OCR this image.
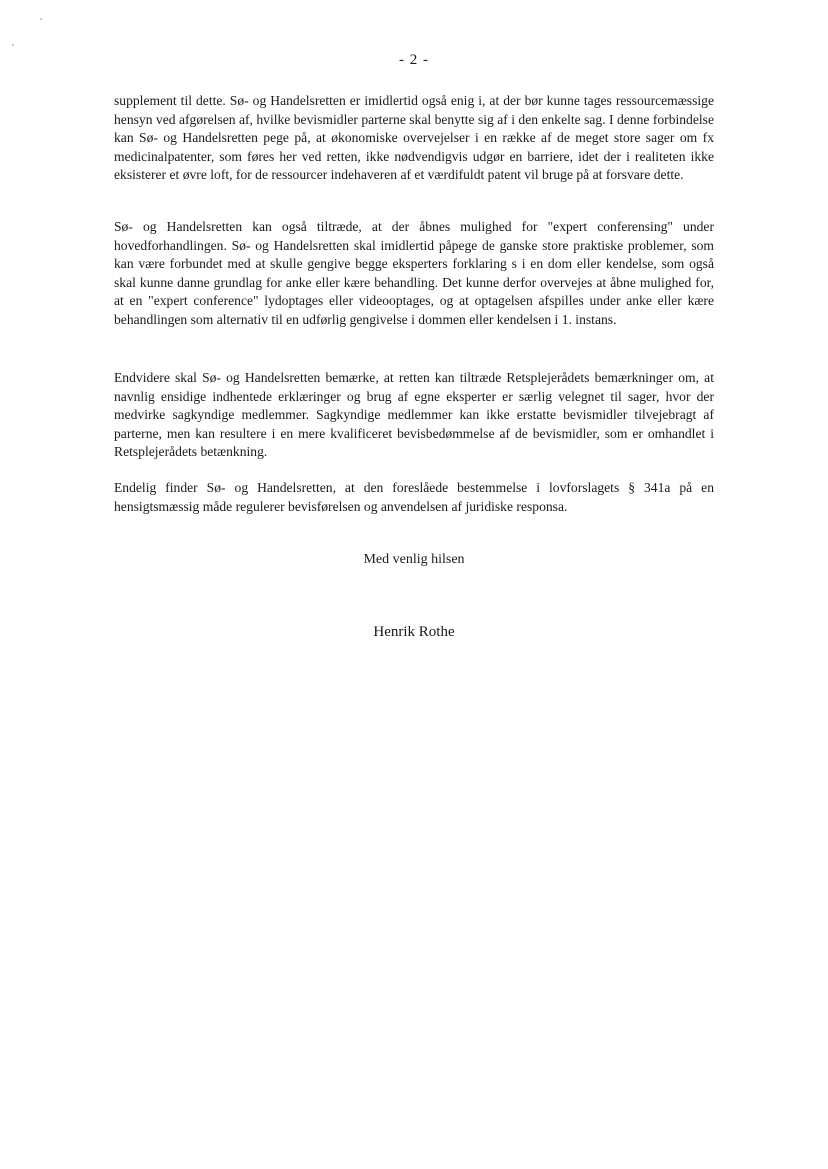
- 2 -

supplement til dette. Sø- og Handelsretten er imidlertid også enig i, at der bør kunne tages ressourcemæssige hensyn ved afgørelsen af, hvilke bevismidler parterne skal benytte sig af i den enkelte sag. I denne forbindelse kan Sø- og Handelsretten pege på, at økonomiske overvejelser i en række af de meget store sager om fx medicinalpatenter, som føres her ved retten, ikke nødvendigvis udgør en barriere, idet der i realiteten ikke eksisterer et øvre loft, for de ressourcer indehaveren af et værdifuldt patent vil bruge på at forsvare dette.

Sø- og Handelsretten kan også tiltræde, at der åbnes mulighed for "expert conferensing" under hovedforhandlingen. Sø- og Handelsretten skal imidlertid påpege de ganske store praktiske problemer, som kan være forbundet med at skulle gengive begge eksperters forklaring s i en dom eller kendelse, som også skal kunne danne grundlag for anke eller kære behandling. Det kunne derfor overvejes at åbne mulighed for, at en "expert conference" lydoptages eller videooptages, og at optagelsen afspilles under anke eller kære behandlingen som alternativ til en udførlig gengivelse i dommen eller kendelsen i 1. instans.

Endvidere skal Sø- og Handelsretten bemærke, at retten kan tiltræde Retsplejerådets bemærkninger om, at navnlig ensidige indhentede erklæringer og brug af egne eksperter er særlig velegnet til sager, hvor der medvirke sagkyndige medlemmer. Sagkyndige medlemmer kan ikke erstatte bevismidler tilvejebragt af parterne, men kan resultere i en mere kvalificeret bevisbedømmelse af de bevismidler, som er omhandlet i Retsplejerådets betænkning.

Endelig finder Sø- og Handelsretten, at den foreslåede bestemmelse i lovforslagets § 341a på en hensigtsmæssig måde regulerer bevisførelsen og anvendelsen af juridiske responsa.

Med venlig hilsen
Henrik Rothe
